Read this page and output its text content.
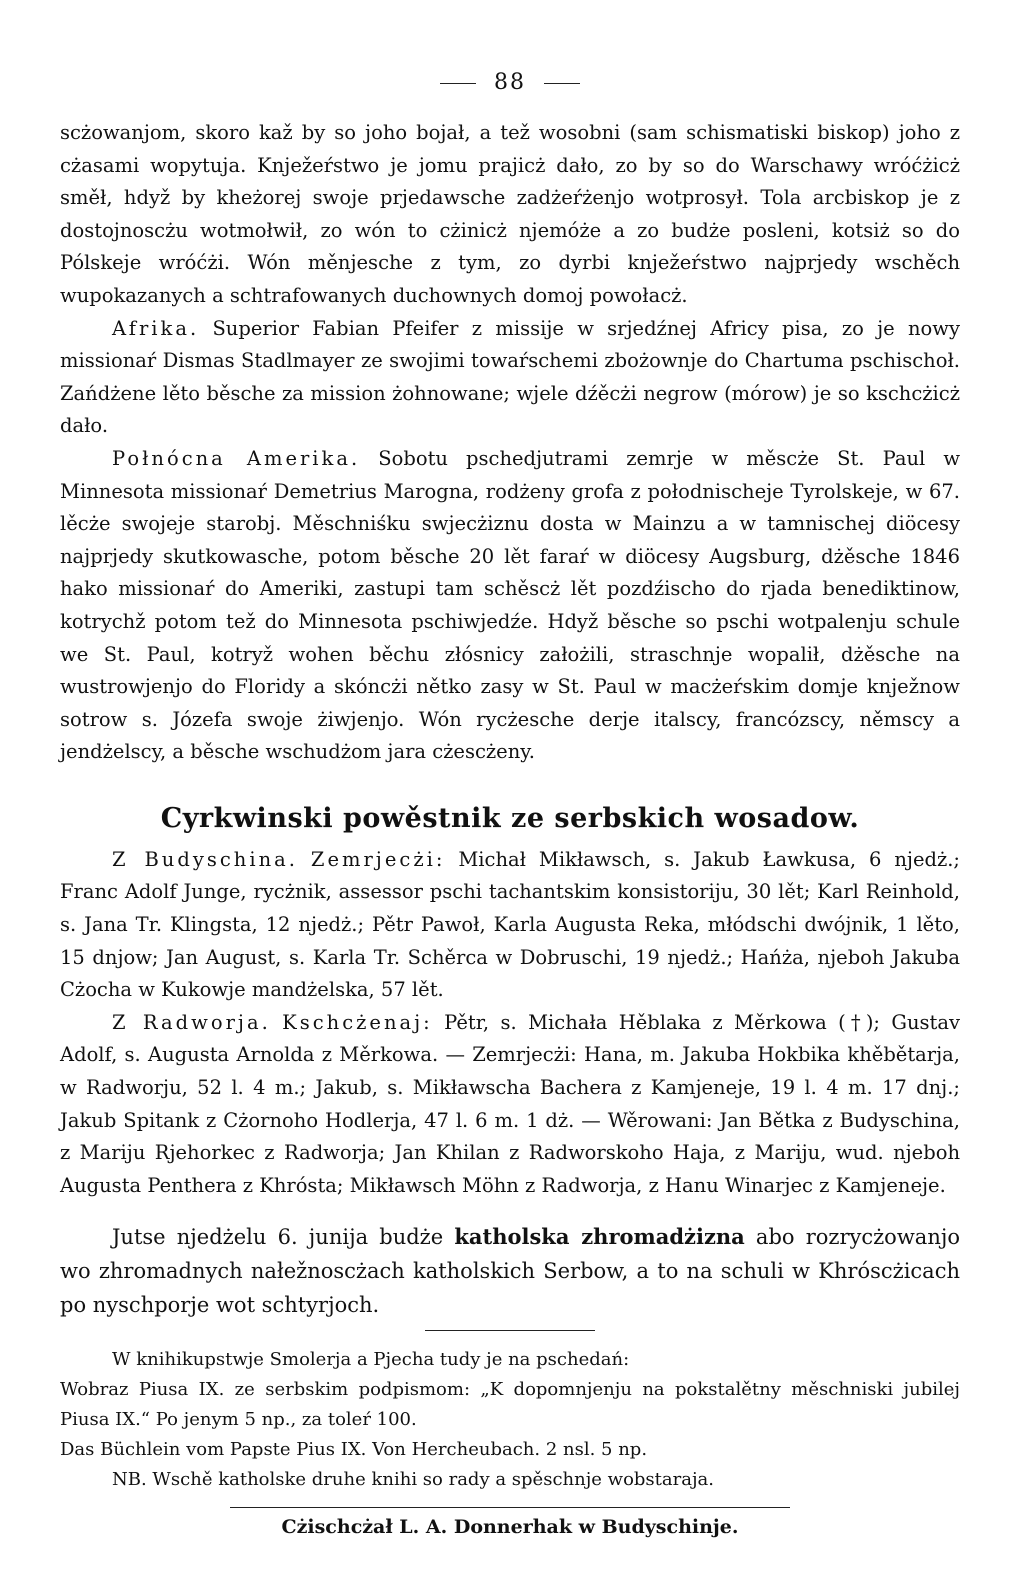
88

scżowanjom, skoro kaž by so joho bojał, a tež wosobni (sam schismatiski biskop) joho z cżasami wopytuja. Knježeŕstwo je jomu prajicż dało, zo by so do Warschawy wróćżicż směł, hdyž by kheżorej swoje prjedawsche zadżeŕżenjo wotprosył. Tola arcbiskop je z dostojnoscżu wotmołwił, zo wón to cżinicż njemóże a zo budże posleni, kotsiż so do Pólskeje wróćżi. Wón měnjesche z tym, zo dyrbi knježeŕstwo najprjedy wschěch wupokazanych a schtrafowanych duchownych domoj powołacż.

Afrika. Superior Fabian Pfeifer z missije w srjedźnej Africy pisa, zo je nowy missionaŕ Dismas Stadlmayer ze swojimi towaŕschemi zbożownje do Chartuma pschischoł. Zańdżene lěto běsche za mission żohnowane; wjele dźěcżi negrow (mórow) je so kschcżicż dało.

Połnócna Amerika. Sobotu pschedjutrami zemrje w měscże St. Paul w Minnesota missionaŕ Demetrius Marogna, rodżeny grofa z połodnischeje Tyrolskeje, w 67. lěcże swojeje starobj. Měschniśku swjecżiznu dosta w Mainzu a w tamnischej diöcesy najprjedy skutkowasche, potom běsche 20 lět faraŕ w diöcesy Augsburg, dżěsche 1846 hako missionaŕ do Ameriki, zastupi tam schěscż lět pozdźischo do rjada benediktinow, kotrychž potom tež do Minnesota pschiwjedźe. Hdyž běsche so pschi wotpalenju schule we St. Paul, kotryž wohen běchu złósnicy założili, straschnje wopalił, dżěsche na wustrowjenjo do Floridy a skóncżi nětko zasy w St. Paul w macżeŕskim domje knježnow sotrow s. Józefa swoje żiwjenjo. Wón rycżesche derje italscy, francózscy, němscy a jendżelscy, a běsche wschudżom jara cżescżeny.

Cyrkwinski powěstnik ze serbskich wosadow.

Z Budyschina. Zemrjecżi: Michał Mikławsch, s. Jakub Ławkusa, 6 njedż.; Franc Adolf Junge, rycżnik, assessor pschi tachantskim konsistoriju, 30 lět; Karl Reinhold, s. Jana Tr. Klingsta, 12 njedż.; Pětr Pawoł, Karla Augusta Reka, młódschi dwójnik, 1 lěto, 15 dnjow; Jan August, s. Karla Tr. Schěrca w Dobruschi, 19 njedż.; Hańża, njeboh Jakuba Cżocha w Kukowje mandżelska, 57 lět.

Z Radworja. Kschcżenaj: Pětr, s. Michała Hěblaka z Měrkowa (†); Gustav Adolf, s. Augusta Arnolda z Měrkowa. — Zemrjecżi: Hana, m. Jakuba Hokbika khěbětarja, w Radworju, 52 l. 4 m.; Jakub, s. Mikławscha Bachera z Kamjeneje, 19 l. 4 m. 17 dnj.; Jakub Spitank z Cżornoho Hodlerja, 47 l. 6 m. 1 dż. — Wěrowani: Jan Bětka z Budyschina, z Mariju Rjehorkec z Radworja; Jan Khilan z Radworskoho Haja, z Mariju, wud. njeboh Augusta Penthera z Khrósta; Mikławsch Möhn z Radworja, z Hanu Winarjec z Kamjeneje.

Jutse njedżelu 6. junija budże katholska zhromadżizna abo rozrycżowanjo wo zhromadnych nałežnoscżach katholskich Serbow, a to na schuli w Khróscżicach po nyschporje wot schtyrjoch.

W knihikupstwje Smolerja a Pjecha tudy je na pschedań:

Wobraz Piusa IX. ze serbskim podpismom: „K dopomnjenju na pokstalětny měschniski jubilej Piusa IX.“ Po jenym 5 np., za toleŕ 100.

Das Büchlein vom Papste Pius IX. Von Hercheubach. 2 nsl. 5 np.

NB. Wschě katholske druhe knihi so rady a spěschnje wobstaraja.

Cżischcżał L. A. Donnerhak w Budyschinje.
